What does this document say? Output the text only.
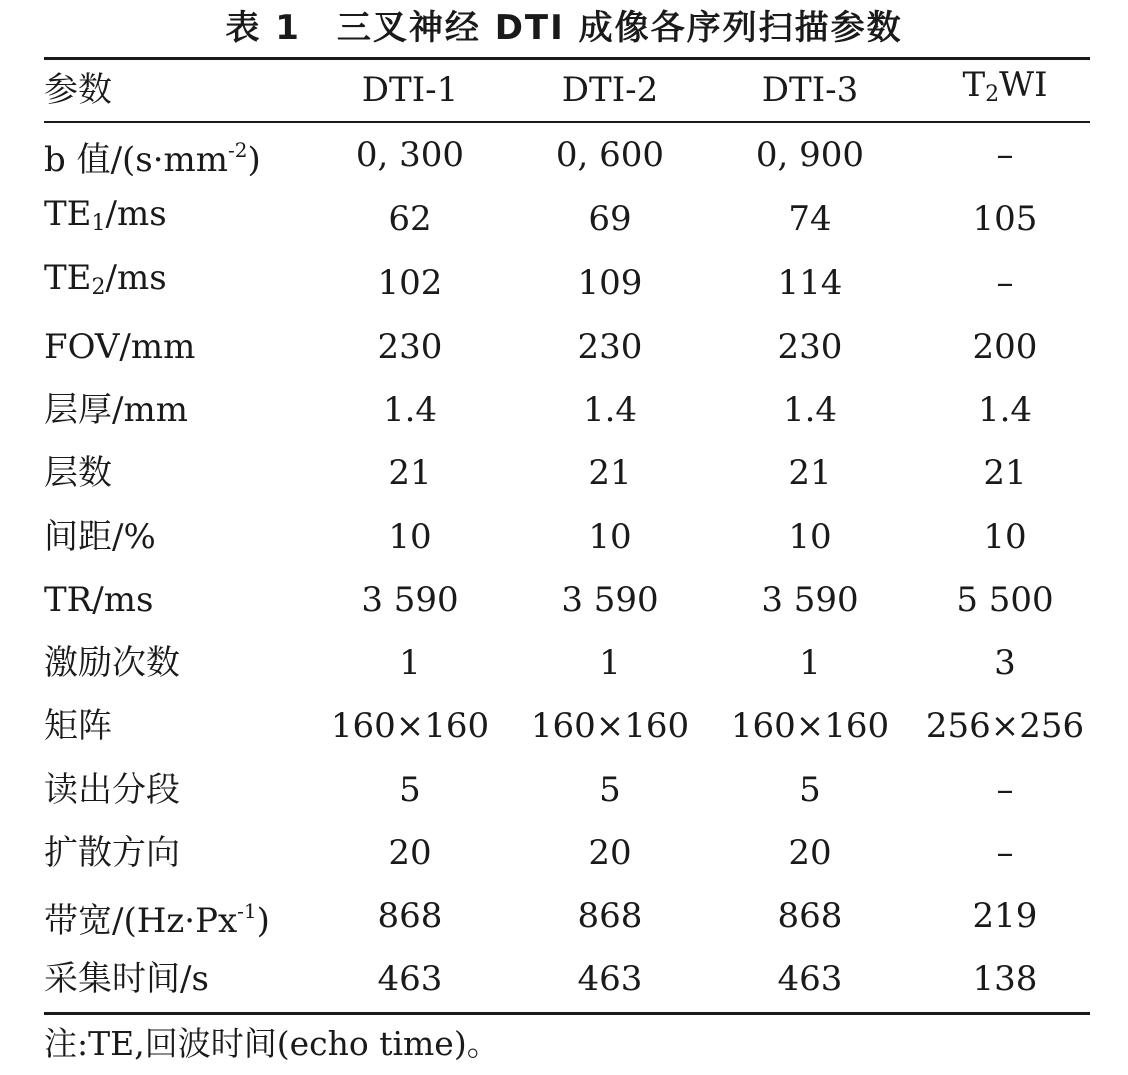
表 1　三叉神经 DTI 成像各序列扫描参数
参数	DTI-1	DTI-2	DTI-3	$T_2WI$
b 值$/(s\cdot mm^{-2})$	0, 300	0, 600	0, 900	–
$TE_1/ms$	62	69	74	105
$TE_2/ms$	102	109	114	–
FOV/mm	230	230	230	200
层厚/mm	1.4	1.4	1.4	1.4
层数	21	21	21	21
间距/%	10	10	10	10
TR/ms	3 590	3 590	3 590	5 500
激励次数	1	1	1	3
矩阵	160×160	160×160	160×160	256×256
读出分段	5	5	5	–
扩散方向	20	20	20	–
带宽$/(Hz\cdot Px^{-1})$	868	868	868	219
采集时间/s	463	463	463	138
注:TE,回波时间(echo time)。
